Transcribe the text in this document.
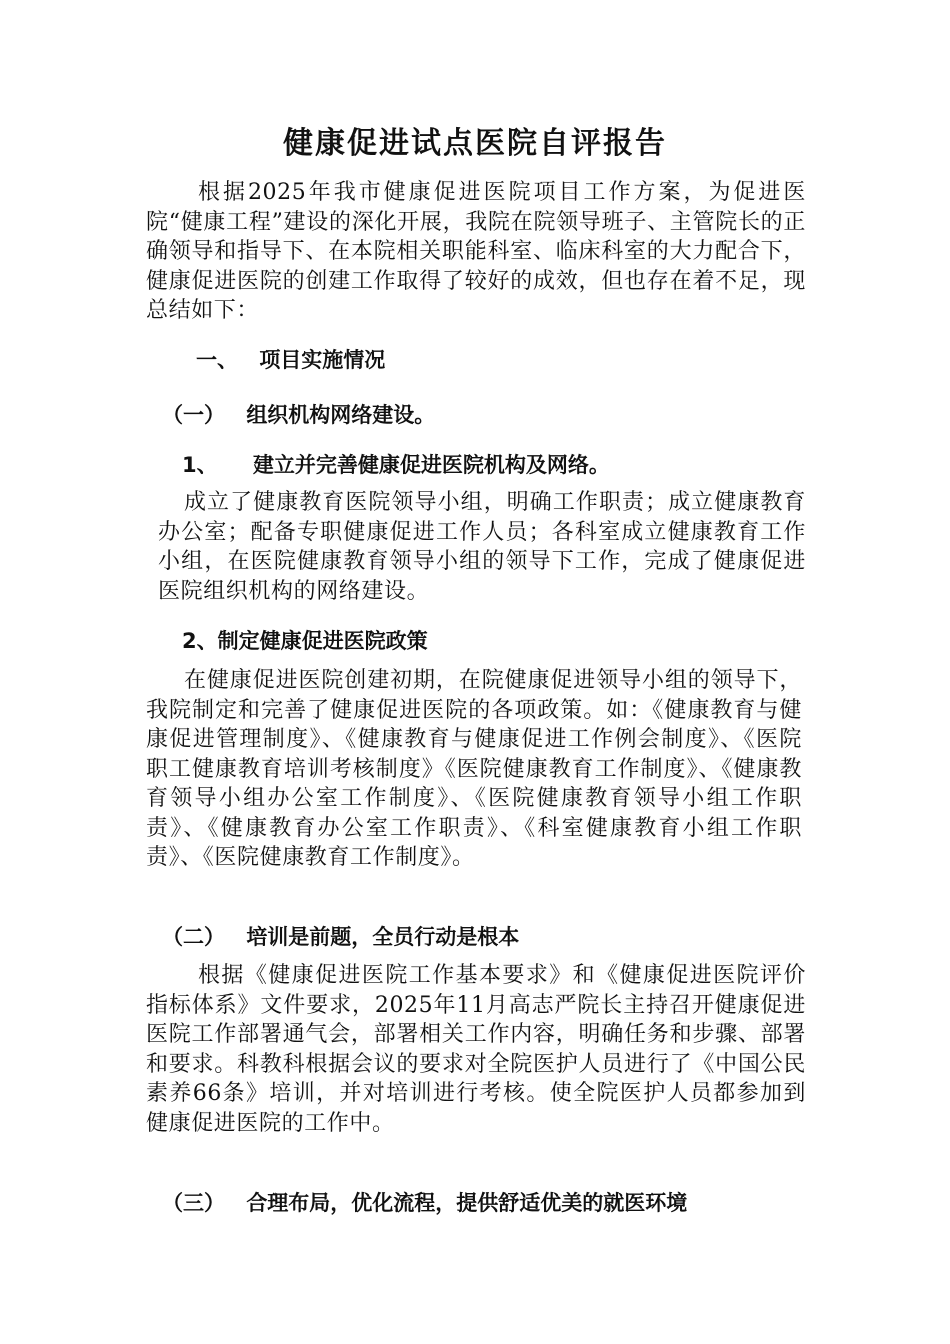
健康促进试点医院自评报告

根据2025年我市健康促进医院项目工作方案，为促进医院“健康工程”建设的深化开展，我院在院领导班子、主管院长的正确领导和指导下、在本院相关职能科室、临床科室的大力配合下，健康促进医院的创建工作取得了较好的成效，但也存在着不足，现总结如下：

一、 项目实施情况
（一） 组织机构网络建设。
1、 建立并完善健康促进医院机构及网络。

成立了健康教育医院领导小组，明确工作职责；成立健康教育办公室；配备专职健康促进工作人员；各科室成立健康教育工作小组，在医院健康教育领导小组的领导下工作，完成了健康促进医院组织机构的网络建设。

2、制定健康促进医院政策

在健康促进医院创建初期，在院健康促进领导小组的领导下，我院制定和完善了健康促进医院的各项政策。如：《健康教育与健康促进管理制度》、《健康教育与健康促进工作例会制度》、《医院职工健康教育培训考核制度》《医院健康教育工作制度》、《健康教育领导小组办公室工作制度》、《医院健康教育领导小组工作职责》、《健康教育办公室工作职责》、《科室健康教育小组工作职责》、《医院健康教育工作制度》。

（二） 培训是前题，全员行动是根本

根据《健康促进医院工作基本要求》和《健康促进医院评价指标体系》文件要求，2025年11月高志严院长主持召开健康促进医院工作部署通气会，部署相关工作内容，明确任务和步骤、部署和要求。科教科根据会议的要求对全院医护人员进行了《中国公民素养66条》培训，并对培训进行考核。使全院医护人员都参加到健康促进医院的工作中。

（三） 合理布局，优化流程，提供舒适优美的就医环境
